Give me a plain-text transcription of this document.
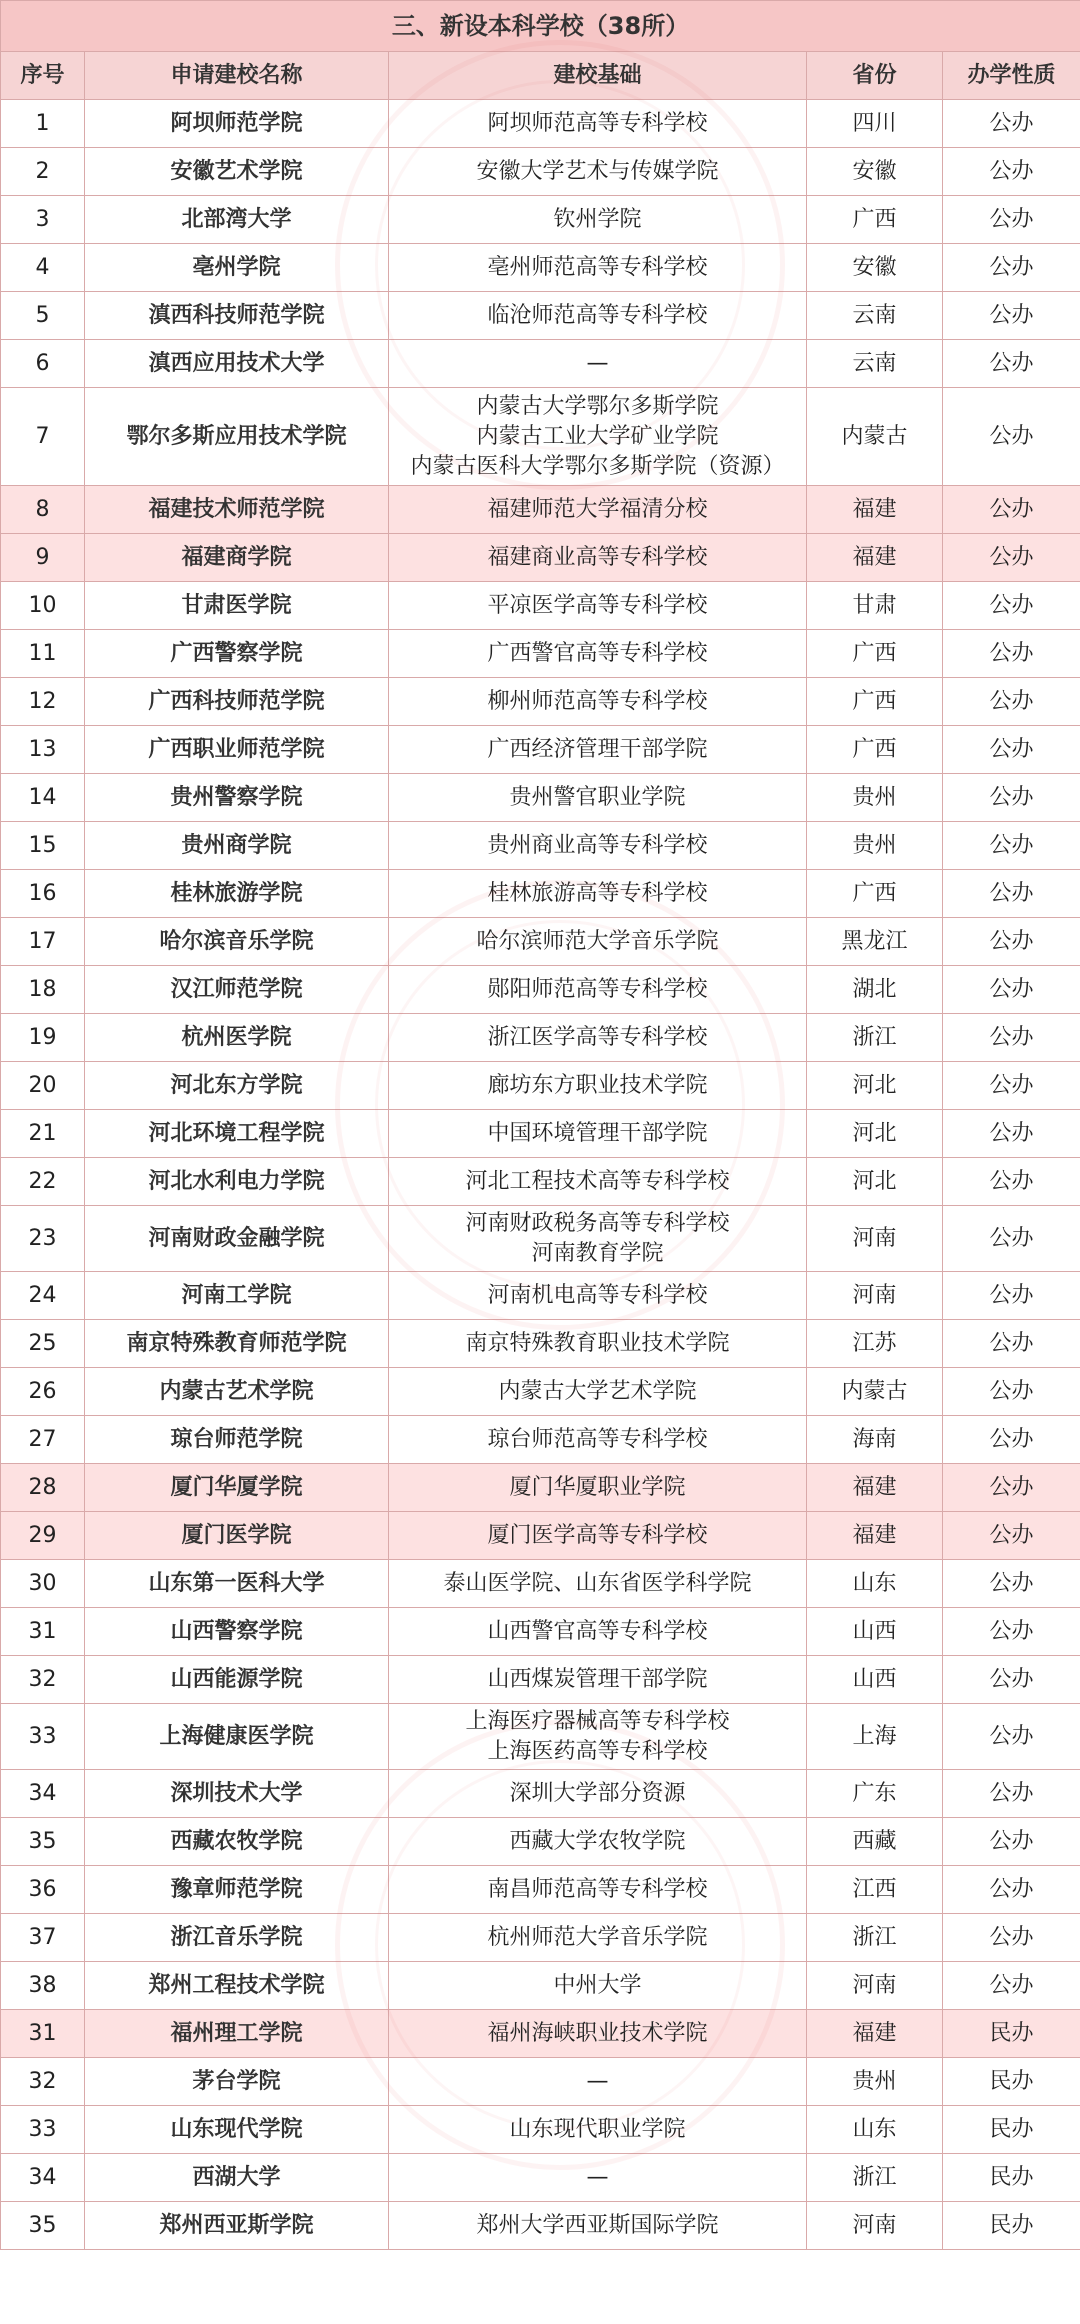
三、新设本科学校（38所）				
序号	申请建校名称	建校基础	省份	办学性质
1	阿坝师范学院	阿坝师范高等专科学校	四川	公办
2	安徽艺术学院	安徽大学艺术与传媒学院	安徽	公办
3	北部湾大学	钦州学院	广西	公办
4	亳州学院	亳州师范高等专科学校	安徽	公办
5	滇西科技师范学院	临沧师范高等专科学校	云南	公办
6	滇西应用技术大学	—	云南	公办
7	鄂尔多斯应用技术学院	内蒙古大学鄂尔多斯学院
内蒙古工业大学矿业学院
内蒙古医科大学鄂尔多斯学院（资源）	内蒙古	公办
8	福建技术师范学院	福建师范大学福清分校	福建	公办
9	福建商学院	福建商业高等专科学校	福建	公办
10	甘肃医学院	平凉医学高等专科学校	甘肃	公办
11	广西警察学院	广西警官高等专科学校	广西	公办
12	广西科技师范学院	柳州师范高等专科学校	广西	公办
13	广西职业师范学院	广西经济管理干部学院	广西	公办
14	贵州警察学院	贵州警官职业学院	贵州	公办
15	贵州商学院	贵州商业高等专科学校	贵州	公办
16	桂林旅游学院	桂林旅游高等专科学校	广西	公办
17	哈尔滨音乐学院	哈尔滨师范大学音乐学院	黑龙江	公办
18	汉江师范学院	郧阳师范高等专科学校	湖北	公办
19	杭州医学院	浙江医学高等专科学校	浙江	公办
20	河北东方学院	廊坊东方职业技术学院	河北	公办
21	河北环境工程学院	中国环境管理干部学院	河北	公办
22	河北水利电力学院	河北工程技术高等专科学校	河北	公办
23	河南财政金融学院	河南财政税务高等专科学校
河南教育学院	河南	公办
24	河南工学院	河南机电高等专科学校	河南	公办
25	南京特殊教育师范学院	南京特殊教育职业技术学院	江苏	公办
26	内蒙古艺术学院	内蒙古大学艺术学院	内蒙古	公办
27	琼台师范学院	琼台师范高等专科学校	海南	公办
28	厦门华厦学院	厦门华厦职业学院	福建	公办
29	厦门医学院	厦门医学高等专科学校	福建	公办
30	山东第一医科大学	泰山医学院、山东省医学科学院	山东	公办
31	山西警察学院	山西警官高等专科学校	山西	公办
32	山西能源学院	山西煤炭管理干部学院	山西	公办
33	上海健康医学院	上海医疗器械高等专科学校
上海医药高等专科学校	上海	公办
34	深圳技术大学	深圳大学部分资源	广东	公办
35	西藏农牧学院	西藏大学农牧学院	西藏	公办
36	豫章师范学院	南昌师范高等专科学校	江西	公办
37	浙江音乐学院	杭州师范大学音乐学院	浙江	公办
38	郑州工程技术学院	中州大学	河南	公办
31	福州理工学院	福州海峡职业技术学院	福建	民办
32	茅台学院	—	贵州	民办
33	山东现代学院	山东现代职业学院	山东	民办
34	西湖大学	—	浙江	民办
35	郑州西亚斯学院	郑州大学西亚斯国际学院	河南	民办
